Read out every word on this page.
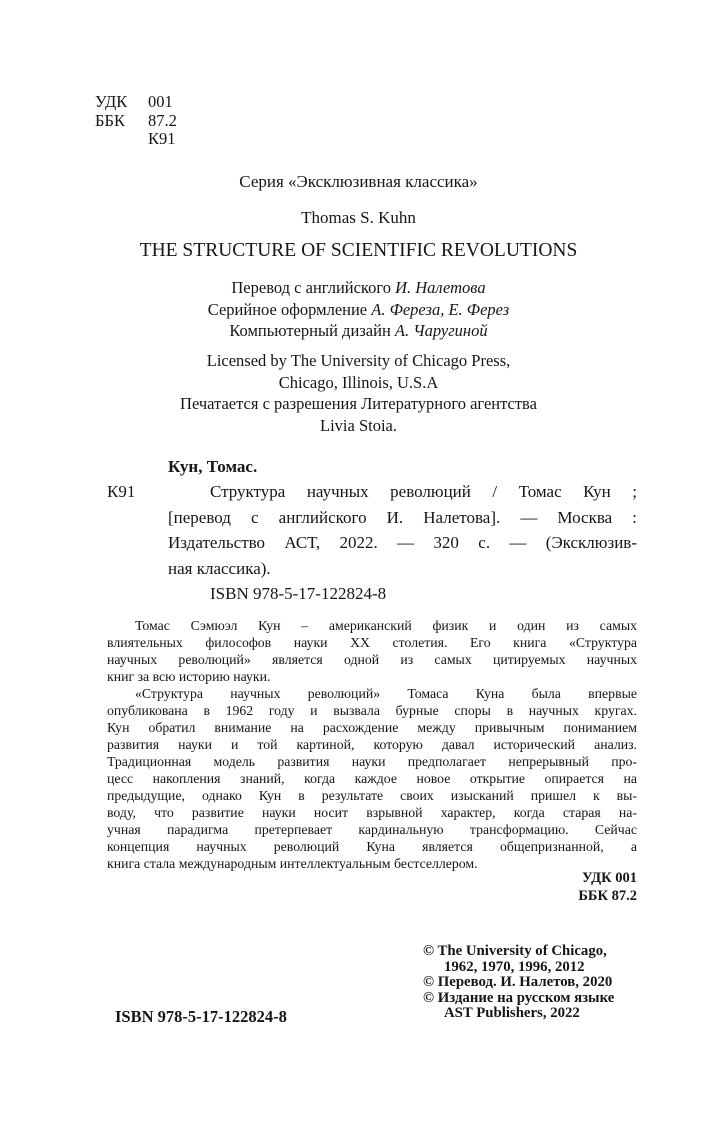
УДК 001
ББК 87.2
К91
Серия «Эксклюзивная классика»
Thomas S. Kuhn
THE STRUCTURE OF SCIENTIFIC REVOLUTIONS
Перевод с английского И. Налетова
Серийное оформление А. Фереза, Е. Ферез
Компьютерный дизайн А. Чаругиной
Licensed by The University of Chicago Press,
Chicago, Illinois, U.S.A
Печатается с разрешения Литературного агентства
Livia Stoia.
К91
Кун, Томас.
Структура научных революций / Томас Кун ;
[перевод с английского И. Налетова]. — Москва :
Издательство АСТ, 2022. — 320 с. — (Эксклюзив-
ная классика).
ISBN 978-5-17-122824-8
Томас Сэмюэл Кун – американский физик и один из самых
влиятельных философов науки XX столетия. Его книга «Структура
научных революций» является одной из самых цитируемых научных
книг за всю историю науки.
«Структура научных революций» Томаса Куна была впервые
опубликована в 1962 году и вызвала бурные споры в научных кругах.
Кун обратил внимание на расхождение между привычным пониманием
развития науки и той картиной, которую давал исторический анализ.
Традиционная модель развития науки предполагает непрерывный про-
цесс накопления знаний, когда каждое новое открытие опирается на
предыдущие, однако Кун в результате своих изысканий пришел к вы-
воду, что развитие науки носит взрывной характер, когда старая на-
учная парадигма претерпевает кардинальную трансформацию. Сейчас
концепция научных революций Куна является общепризнанной, а
книга стала международным интеллектуальным бестселлером.
УДК 001
ББК 87.2
© The University of Chicago,
1962, 1970, 1996, 2012
© Перевод. И. Налетов, 2020
© Издание на русском языке
AST Publishers, 2022
ISBN 978-5-17-122824-8
